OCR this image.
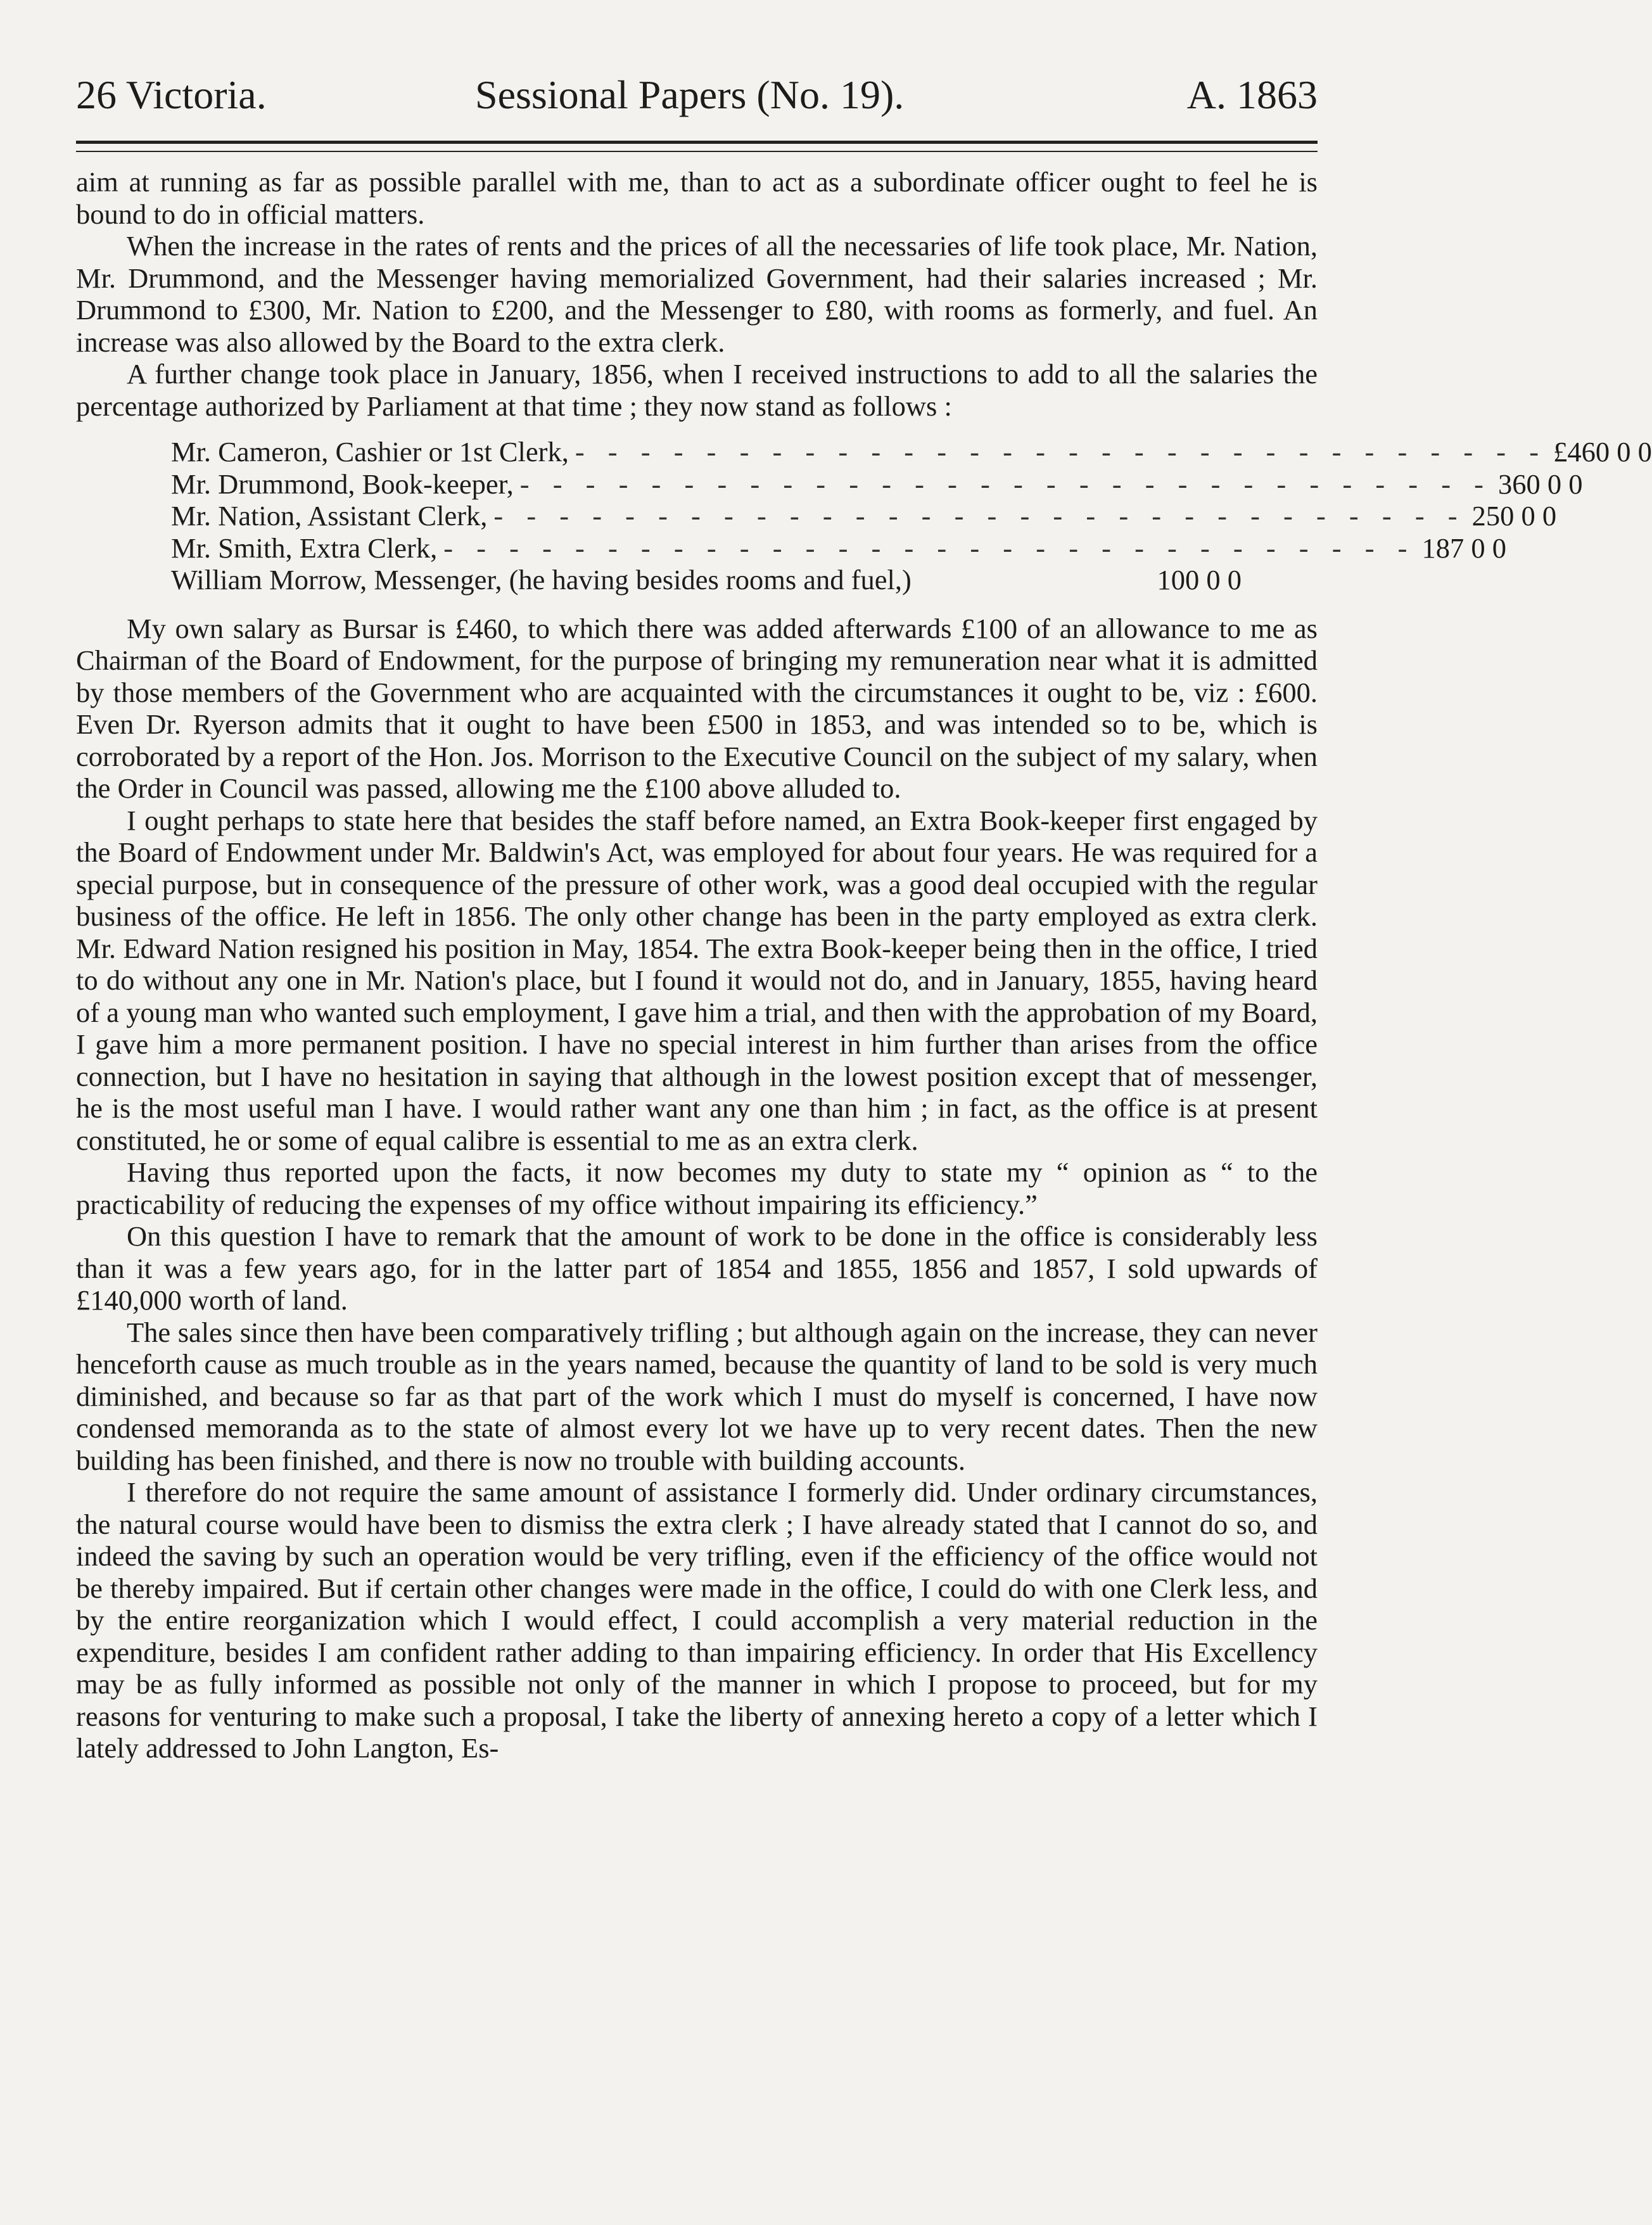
26 Victoria.	Sessional Papers (No. 19).	A. 1863

aim at running as far as possible parallel with me, than to act as a subordinate officer ought to feel he is bound to do in official matters.

When the increase in the rates of rents and the prices of all the necessaries of life took place, Mr. Nation, Mr. Drummond, and the Messenger having memorialized Government, had their salaries increased ; Mr. Drummond to £300, Mr. Nation to £200, and the Messenger to £80, with rooms as formerly, and fuel. An increase was also allowed by the Board to the extra clerk.

A further change took place in January, 1856, when I received instructions to add to all the salaries the percentage authorized by Parliament at that time ; they now stand as follows :

Mr. Cameron, Cashier or 1st Clerk, - - - - - - - - - - - - - - - - - - - - - - - - - - - - - - £460 0 0
Mr. Drummond, Book-keeper, - - - - - - - - - - - - - - - - - - - - - - - - - - - - - - 360 0 0
Mr. Nation, Assistant Clerk, - - - - - - - - - - - - - - - - - - - - - - - - - - - - - - 250 0 0
Mr. Smith, Extra Clerk, - - - - - - - - - - - - - - - - - - - - - - - - - - - - - - 187 0 0
William Morrow, Messenger, (he having besides rooms and fuel,)	100 0 0

My own salary as Bursar is £460, to which there was added afterwards £100 of an allowance to me as Chairman of the Board of Endowment, for the purpose of bringing my remuneration near what it is admitted by those members of the Government who are acquainted with the circumstances it ought to be, viz : £600. Even Dr. Ryerson admits that it ought to have been £500 in 1853, and was intended so to be, which is corroborated by a report of the Hon. Jos. Morrison to the Executive Council on the subject of my salary, when the Order in Council was passed, allowing me the £100 above alluded to.

I ought perhaps to state here that besides the staff before named, an Extra Book-keeper first engaged by the Board of Endowment under Mr. Baldwin's Act, was employed for about four years. He was required for a special purpose, but in consequence of the pressure of other work, was a good deal occupied with the regular business of the office. He left in 1856. The only other change has been in the party employed as extra clerk. Mr. Edward Nation resigned his position in May, 1854. The extra Book-keeper being then in the office, I tried to do without any one in Mr. Nation's place, but I found it would not do, and in January, 1855, having heard of a young man who wanted such employment, I gave him a trial, and then with the approbation of my Board, I gave him a more permanent position. I have no special interest in him further than arises from the office connection, but I have no hesitation in saying that although in the lowest position except that of messenger, he is the most useful man I have. I would rather want any one than him ; in fact, as the office is at present constituted, he or some of equal calibre is essential to me as an extra clerk.

Having thus reported upon the facts, it now becomes my duty to state my “ opinion as “ to the practicability of reducing the expenses of my office without impairing its efficiency.”

On this question I have to remark that the amount of work to be done in the office is considerably less than it was a few years ago, for in the latter part of 1854 and 1855, 1856 and 1857, I sold upwards of £140,000 worth of land.

The sales since then have been comparatively trifling ; but although again on the increase, they can never henceforth cause as much trouble as in the years named, because the quantity of land to be sold is very much diminished, and because so far as that part of the work which I must do myself is concerned, I have now condensed memoranda as to the state of almost every lot we have up to very recent dates. Then the new building has been finished, and there is now no trouble with building accounts.

I therefore do not require the same amount of assistance I formerly did. Under ordinary circumstances, the natural course would have been to dismiss the extra clerk ; I have already stated that I cannot do so, and indeed the saving by such an operation would be very trifling, even if the efficiency of the office would not be thereby impaired. But if certain other changes were made in the office, I could do with one Clerk less, and by the entire reorganization which I would effect, I could accomplish a very material reduction in the expenditure, besides I am confident rather adding to than impairing efficiency. In order that His Excellency may be as fully informed as possible not only of the manner in which I propose to proceed, but for my reasons for venturing to make such a proposal, I take the liberty of annexing hereto a copy of a letter which I lately addressed to John Langton, Es-
